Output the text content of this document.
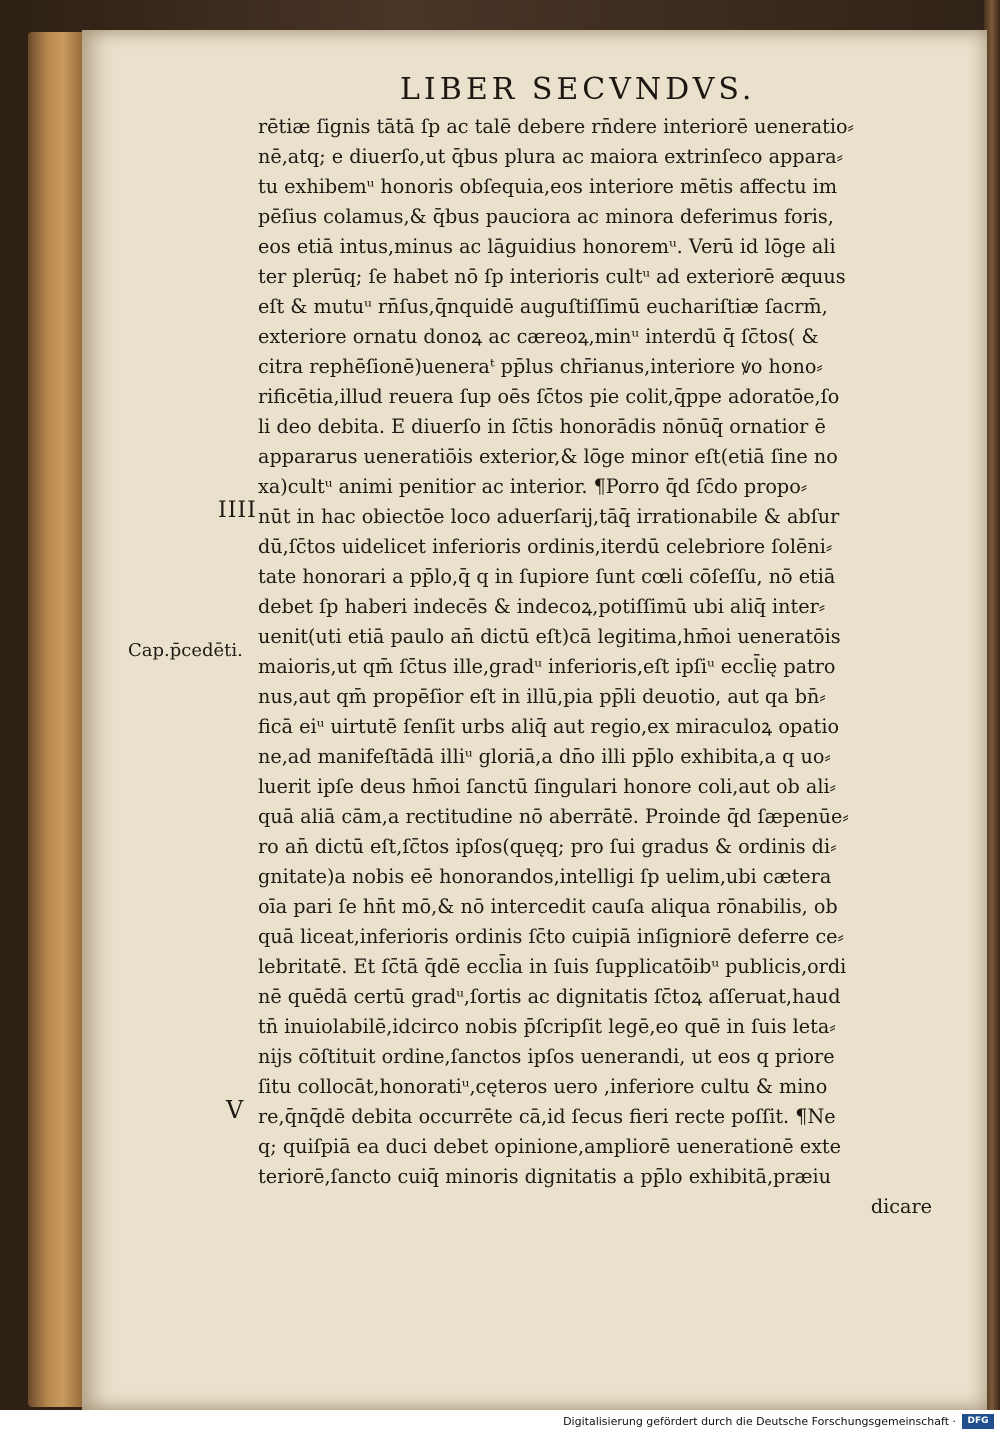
LIBER SECVNDVS.
rētiæ ſignis tātā ſp ac talē debere rn̄dere interiorē ueneratio⸗
nē,atq; e diuerſo,ut q̄bus plura ac maiora extrinſeco appara⸗
tu exhibemᵘ honoris obſequia,eos interiore mētis affectu im
pēſius colamus,& q̄bus pauciora ac minora deferimus foris,
eos etiā intus,minus ac lāguidius honoremᵘ. Verū id lōge ali
ter plerūq; ſe habet nō ſp interioris cultᵘ ad exteriorē æquus
eſt & mutuᵘ rn̄ſus,q̄nquidē auguſtiſſimū euchariſtiæ ſacrm̄,
exteriore ornatu donoꝝ ac cæreoꝝ,minᵘ interdū q̄ ſc̄tos( &
citra rephēſionē)ueneraᵗ pp̄lus chr̄ianus,interiore ꝟo hono⸗
rificētia,illud reuera ſup oēs ſc̄tos pie colit,q̄ppe adoratōe,ſo
li deo debita. E diuerſo in ſc̄tis honorādis nōnūq̄ ornatior ē
appararus ueneratiōis exterior,& lōge minor eſt(etiā ſine no
xa)cultᵘ animi penitior ac interior. ¶Porro q̄d ſc̄do propo⸗
nūt in hac obiectōe loco aduerſarij,tāq̄ irrationabile & abſur
dū,ſc̄tos uidelicet inferioris ordinis,iterdū celebriore ſolēni⸗
tate honorari a pp̄lo,q̄ q in ſupiore ſunt cœli cōſeſſu, nō etiā
debet ſp haberi indecēs & indecoꝝ,potiſſimū ubi aliq̄ inter⸗
uenit(uti etiā paulo an̄ dictū eſt)cā legitima,hm̄oi ueneratōis
maioris,ut qm̄ ſc̄tus ille,gradᵘ inferioris,eſt ipſiᵘ eccl̄ię patro
nus,aut qm̄ propēſior eſt in illū,pia pp̄li deuotio, aut qa bn̄⸗
ficā eiᵘ uirtutē ſenſit urbs aliq̄ aut regio,ex miraculoꝝ opatio
ne,ad manifeſtādā illiᵘ gloriā,a dn̄o illi pp̄lo exhibita,a q uo⸗
luerit ipſe deus hm̄oi ſanctū ſingulari honore coli,aut ob ali⸗
quā aliā cām,a rectitudine nō aberrātē. Proinde q̄d ſæpenūe⸗
ro an̄ dictū eſt,ſc̄tos ipſos(quęq; pro ſui gradus & ordinis di⸗
gnitate)a nobis eē honorandos,intelligi ſp uelim,ubi cætera
oīa pari ſe hn̄t mō,& nō intercedit cauſa aliqua rōnabilis, ob
quā liceat,inferioris ordinis ſc̄to cuipiā inſigniorē deferre ce⸗
lebritatē. Et ſc̄tā q̄dē eccl̄ia in ſuis ſupplicatōibᵘ publicis,ordi
nē quēdā certū gradᵘ,ſortis ac dignitatis ſc̄toꝝ aſſeruat,haud
tn̄ inuiolabilē,idcirco nobis p̄ſcripſit legē,eo quē in ſuis leta⸗
nijs cōſtituit ordine,ſanctos ipſos uenerandi, ut eos q priore
ſitu collocāt,honoratiᵘ,cęteros uero ,inferiore cultu & mino
re,q̄nq̄dē debita occurrēte cā,id ſecus fieri recte poſſit. ¶Ne
q; quiſpiā ea duci debet opinione,ampliorē uenerationē exte
teriorē,ſancto cuiq̄ minoris dignitatis a pp̄lo exhibitā,præiu
dicare
IIII
Cap.p̄cedēti.
V
Digitalisierung gefördert durch die Deutsche Forschungsgemeinschaft ·	DFG
